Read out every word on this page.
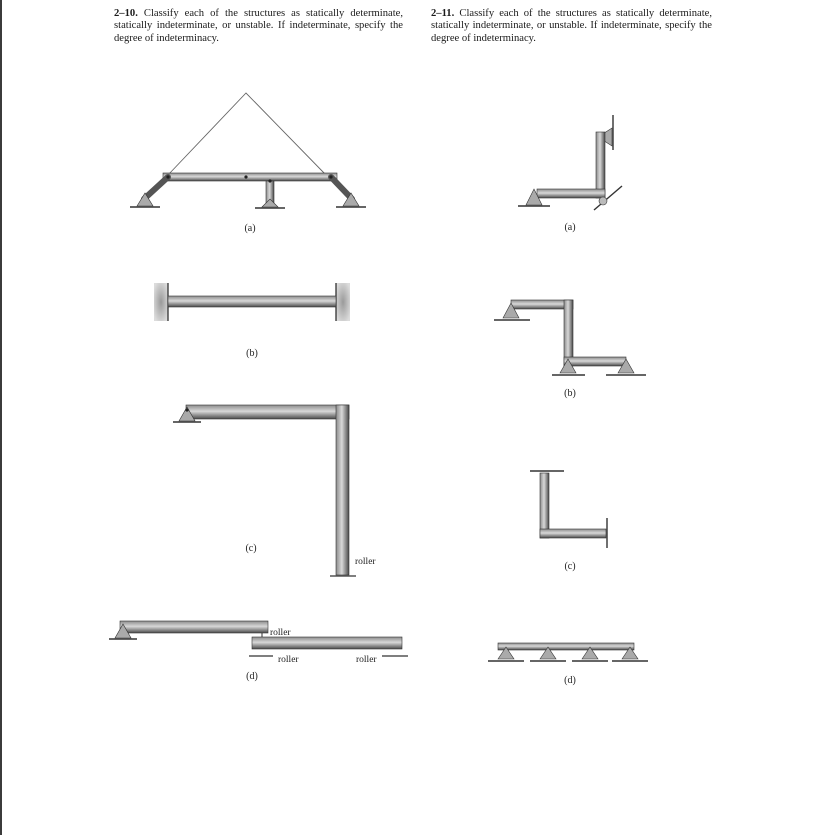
2–10. Classify each of the structures as statically determinate, statically indeterminate, or unstable. If indeterminate, specify the degree of indeterminacy.
2–11. Classify each of the structures as statically determinate, statically indeterminate, or unstable. If indeterminate, specify the degree of indeterminacy.
(a)
(b)
roller
(c)
roller
roller	roller
(d)
(a)
(b)
(c)
(d)
